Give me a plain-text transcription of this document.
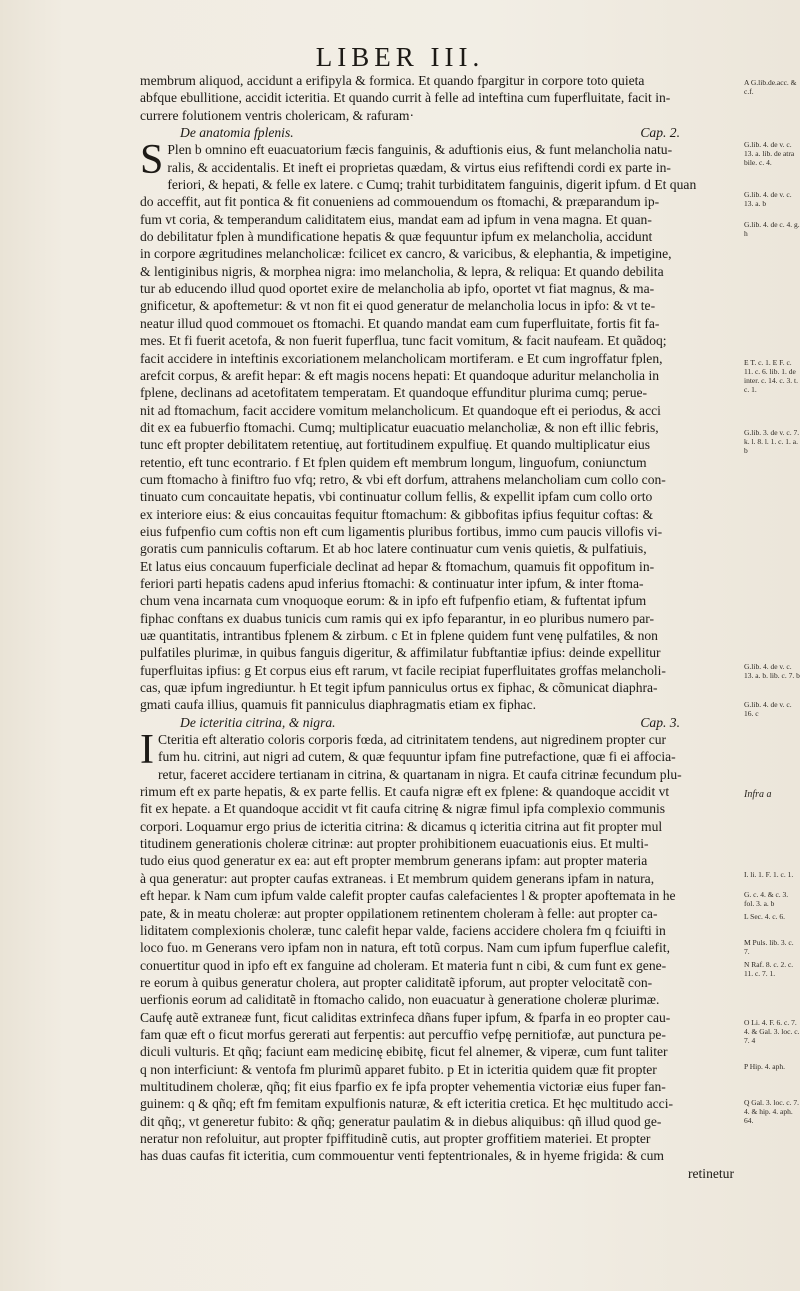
LIBER III.

membrum aliquod, accidunt a erifipyla & formica. Et quando fpargitur in corpore toto quieta

abfque ebullitione, accidit icteritia. Et quando currit à felle ad inteftina cum fuperfluitate, facit in-

currere folutionem ventris cholericam, & rafuram·

De anatomia fplenis.	Cap. 2.
S Plen b omnino eft euacuatorium fæcis fanguinis, & aduftionis eius, & funt melancholia natu-

ralis, & accidentalis. Et ineft ei proprietas quædam, & virtus eius refiftendi cordi ex parte in-

feriori, & hepati, & felle ex latere. c Cumq; trahit turbiditatem fanguinis, digerit ipfum. d Et quan

do acceffit, aut fit pontica & fit conueniens ad commouendum os ftomachi, & præparandum ip-

fum vt coria, & temperandum caliditatem eius, mandat eam ad ipfum in vena magna. Et quan-

do debilitatur fplen à mundificatione hepatis & quæ fequuntur ipfum ex melancholia, accidunt

in corpore ægritudines melancholicæ: fcilicet ex cancro, & varicibus, & elephantia, & impetigine,

& lentiginibus nigris, & morphea nigra: imo melancholia, & lepra, & reliqua: Et quando debilita

tur ab educendo illud quod oportet exire de melancholia ab ipfo, oportet vt fiat magnus, & ma-

gnificetur, & apoftemetur: & vt non fit ei quod generatur de melancholia locus in ipfo: & vt te-

neatur illud quod commouet os ftomachi. Et quando mandat eam cum fuperfluitate, fortis fit fa-

mes. Et fi fuerit acetofa, & non fuerit fuperflua, tunc facit vomitum, & facit naufeam. Et quãdoq;

facit accidere in inteftinis excoriationem melancholicam mortiferam. e Et cum ingroffatur fplen,

arefcit corpus, & arefit hepar: & eft magis nocens hepati: Et quandoque aduritur melancholia in

fplene, declinans ad acetofitatem temperatam. Et quandoque effunditur plurima cumq; perue-

nit ad ftomachum, facit accidere vomitum melancholicum. Et quandoque eft ei periodus, & acci

dit ex ea fubuerfio ftomachi. Cumq; multiplicatur euacuatio melancholiæ, & non eft illic febris,

tunc eft propter debilitatem retentiuę, aut fortitudinem expulfiuę. Et quando multiplicatur eius

retentio, eft tunc econtrario. f Et fplen quidem eft membrum longum, linguofum, coniunctum

cum ftomacho à finiftro fuo vfq; retro, & vbi eft dorfum, attrahens melancholiam cum collo con-

tinuato cum concauitate hepatis, vbi continuatur collum fellis, & expellit ipfam cum collo orto

ex interiore eius: & eius concauitas fequitur ftomachum: & gibbofitas ipfius fequitur coftas: &

eius fufpenfio cum coftis non eft cum ligamentis pluribus fortibus, immo cum paucis villofis vi-

goratis cum panniculis coftarum. Et ab hoc latere continuatur cum venis quietis, & pulfatiuis,

Et latus eius concauum fuperficiale declinat ad hepar & ftomachum, quamuis fit oppofitum in-

feriori parti hepatis cadens apud inferius ftomachi: & continuatur inter ipfum, & inter ftoma-

chum vena incarnata cum vnoquoque eorum: & in ipfo eft fufpenfio etiam, & fuftentat ipfum

fiphac conftans ex duabus tunicis cum ramis qui ex ipfo feparantur, in eo pluribus numero par-

uæ quantitatis, intrantibus fplenem & zirbum. c Et in fplene quidem funt venę pulfatiles, & non

pulfatiles plurimæ, in quibus fanguis digeritur, & affimilatur fubftantiæ ipfius: deinde expellitur

fuperfluitas ipfius: g Et corpus eius eft rarum, vt facile recipiat fuperfluitates groffas melancholi-

cas, quæ ipfum ingrediuntur. h Et tegit ipfum panniculus ortus ex fiphac, & cõmunicat diaphra-

gmati caufa illius, quamuis fit panniculus diaphragmatis etiam ex fiphac.

De icteritia citrina, & nigra.	Cap. 3.
I Cteritia eft alteratio coloris corporis fœda, ad citrinitatem tendens, aut nigredinem propter cur

fum hu. citrini, aut nigri ad cutem, & quæ fequuntur ipfam fine putrefactione, quæ fi ei affocia-

retur, faceret accidere tertianam in citrina, & quartanam in nigra. Et caufa citrinæ fecundum plu-

rimum eft ex parte hepatis, & ex parte fellis. Et caufa nigræ eft ex fplene: & quandoque accidit vt

fit ex hepate. a Et quandoque accidit vt fit caufa citrinę & nigræ fimul ipfa complexio communis

corpori. Loquamur ergo prius de icteritia citrina: & dicamus q icteritia citrina aut fit propter mul

titudinem generationis choleræ citrinæ: aut propter prohibitionem euacuationis eius. Et multi-

tudo eius quod generatur ex ea: aut eft propter membrum generans ipfam: aut propter materia

à qua generatur: aut propter caufas extraneas. i Et membrum quidem generans ipfam in natura,

eft hepar. k Nam cum ipfum valde calefit propter caufas calefacientes l & propter apoftemata in he

pate, & in meatu choleræ: aut propter oppilationem retinentem choleram à felle: aut propter ca-

liditatem complexionis choleræ, tunc calefit hepar valde, faciens accidere cholera fm q fciuifti in

loco fuo. m Generans vero ipfam non in natura, eft totũ corpus. Nam cum ipfum fuperflue calefit,

conuertitur quod in ipfo eft ex fanguine ad choleram. Et materia funt n cibi, & cum funt ex gene-

re eorum à quibus generatur cholera, aut propter caliditatẽ ipforum, aut propter velocitatẽ con-

uerfionis eorum ad caliditatẽ in ftomacho calido, non euacuatur à generatione choleræ plurimæ.

Caufę autẽ extraneæ funt, ficut caliditas extrinfeca dñans fuper ipfum, & fparfa in eo propter cau-

fam quæ eft o ficut morfus gererati aut ferpentis: aut percuffio vefpę pernitiofæ, aut punctura pe-

diculi vulturis. Et qñq; faciunt eam medicinę ebibitę, ficut fel alnemer, & viperæ, cum funt taliter

q non interficiunt: & ventofa fm plurimũ apparet fubito. p Et in icteritia quidem quæ fit propter

multitudinem choleræ, qñq; fit eius fparfio ex fe ipfa propter vehementia victoriæ eius fuper fan-

guinem: q & qñq; eft fm femitam expulfionis naturæ, & eft icteritia cretica. Et hęc multitudo acci-

dit qñq;, vt generetur fubito: & qñq; generatur paulatim & in diebus aliquibus: qñ illud quod ge-

neratur non refoluitur, aut propter fpiffitudinẽ cutis, aut propter groffitiem materiei. Et propter

has duas caufas fit icteritia, cum commouentur venti feptentrionales, & in hyeme frigida: & cum

retinetur
A G.lib.de.acc. & c.f.
G.lib. 4. de v. c. 13. a. lib. de atra bile. c. 4.
G.lib. 4. de v. c. 13. a. b
G.lib. 4. de c. 4. g. h
E T. c. 1. E F. c. 11. c. 6. lib. 1. de inter. c. 14. c. 3. t. c. 1.
G.lib. 3. de v. c. 7. k. l. 8. l. 1. c. 1. a. b
G.lib. 4. de v. c. 13. a. b. lib. c. 7. b
G.lib. 4. de v. c. 16. c
Infra a
I. li. 1. F. 1. c. 1.
G. c. 4. & c. 3. fol. 3. a. b
L Sec. 4. c. 6.
M Puls. lib. 3. c. 7.
N Raf. 8. c. 2. c. 11. c. 7. 1.
O Li. 4. F. 6. c. 7. 4. & Gal. 3. loc. c. 7. 4
P Hip. 4. aph.
Q Gal. 3. loc. c. 7. 4. & hip. 4. aph. 64.
